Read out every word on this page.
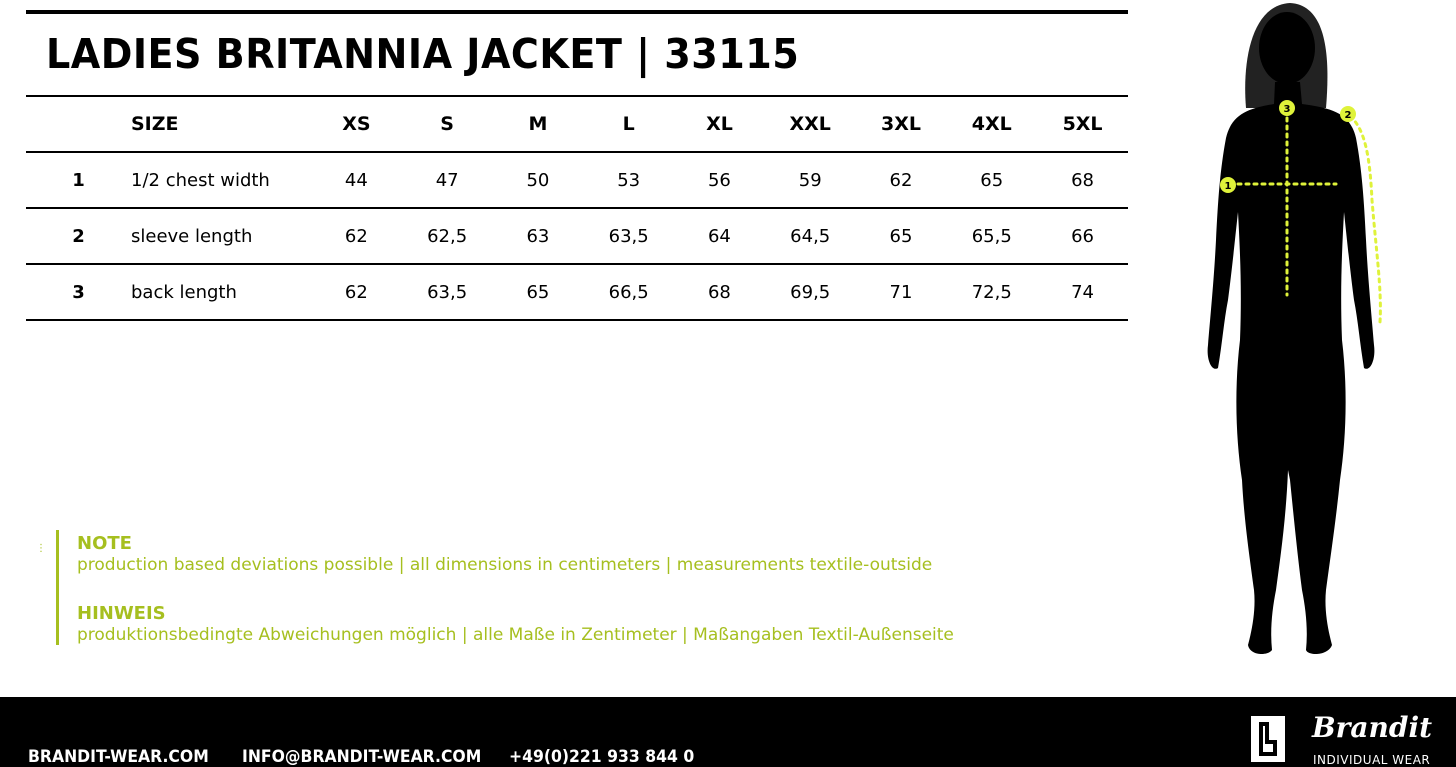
LADIES BRITANNIA JACKET | 33115
	SIZE	XS	S	M	L	XL	XXL	3XL	4XL	5XL
1	1/2 chest width	44	47	50	53	56	59	62	65	68
2	sleeve length	62	62,5	63	63,5	64	64,5	65	65,5	66
3	back length	62	63,5	65	66,5	68	69,5	71	72,5	74
⋮ NOTE
production based deviations possible | all dimensions in centimeters | measurements textile-outside
HINWEIS
produktionsbedingte Abweichungen möglich | alle Maße in Zentimeter | Maßangaben Textil-Außenseite
1
2
3
BRANDIT-WEAR.COM INFO@BRANDIT-WEAR.COM +49(0)221 933 844 0
Brandit
INDIVIDUAL WEAR
